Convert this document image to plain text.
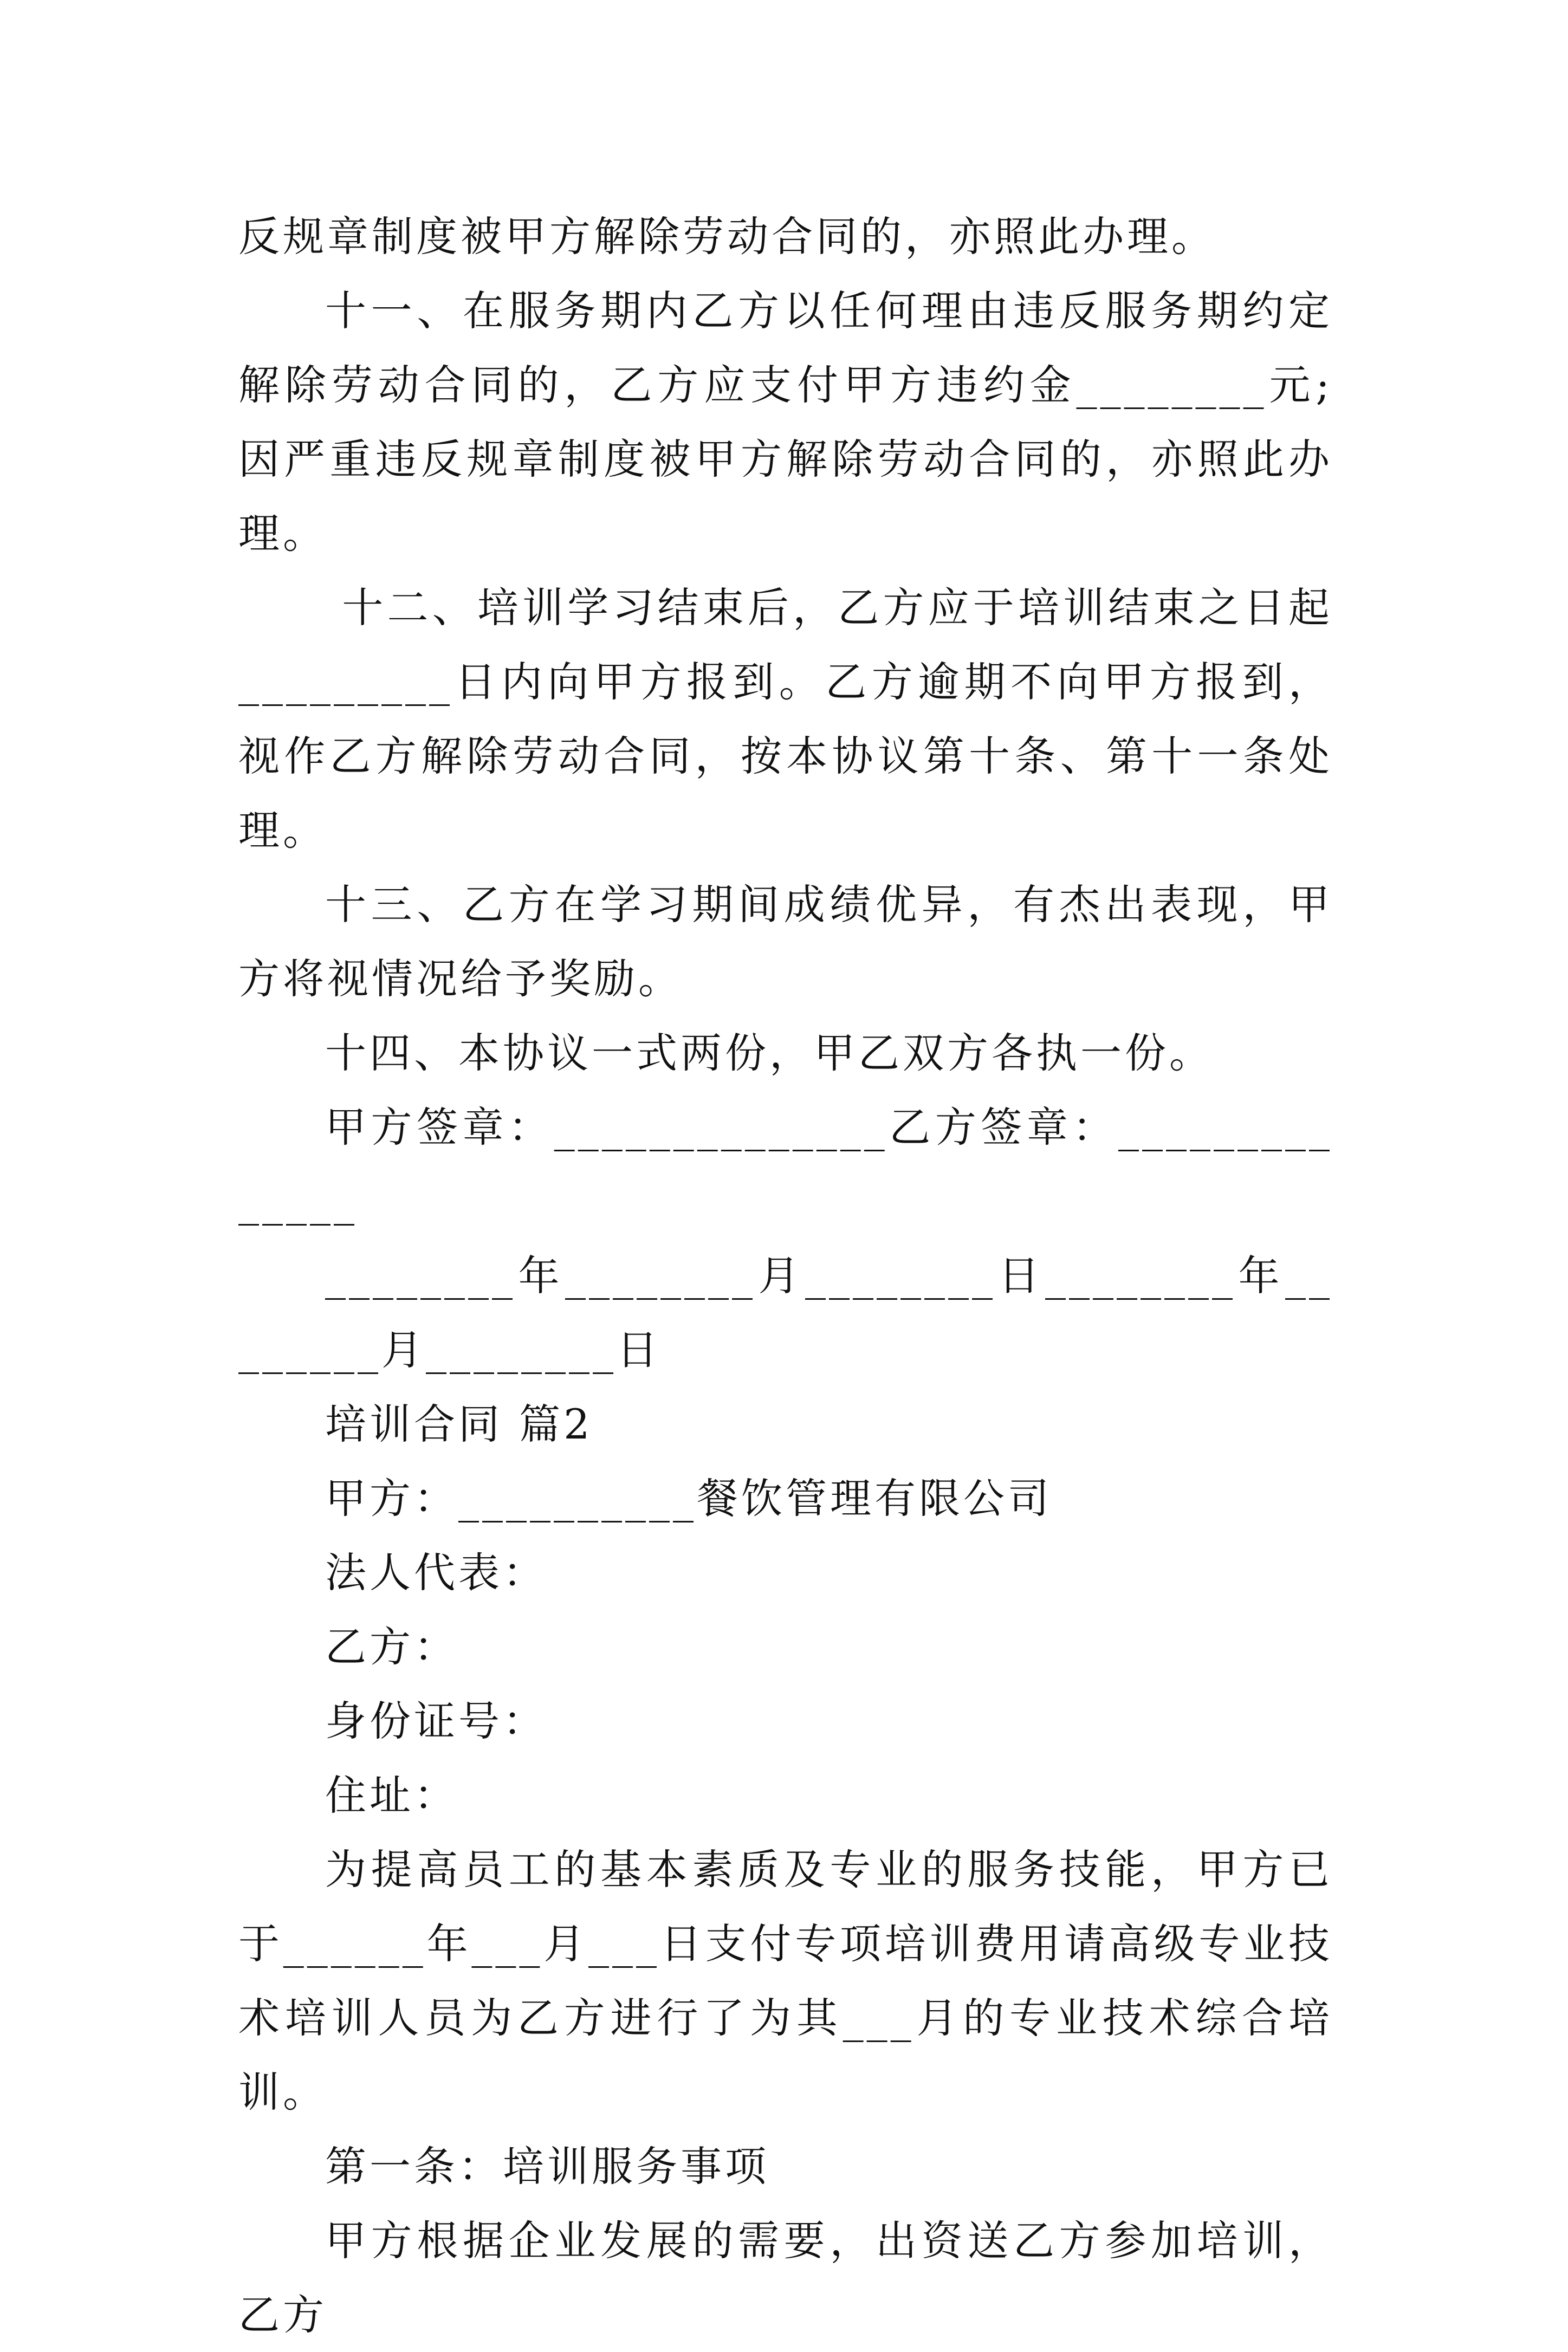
反规章制度被甲方解除劳动合同的，亦照此办理。

十一、在服务期内乙方以任何理由违反服务期约定解除劳动合同的，乙方应支付甲方违约金________元;因严重违反规章制度被甲方解除劳动合同的，亦照此办理。

十二、培训学习结束后，乙方应于培训结束之日起_________日内向甲方报到。乙方逾期不向甲方报到，视作乙方解除劳动合同，按本协议第十条、第十一条处理。

十三、乙方在学习期间成绩优异，有杰出表现，甲方将视情况给予奖励。

十四、本协议一式两份，甲乙双方各执一份。

甲方签章：______________乙方签章：______________

________年________月________日________年________月________日

培训合同 篇2

甲方：__________餐饮管理有限公司

法人代表：

乙方：

身份证号：

住址：

为提高员工的基本素质及专业的服务技能，甲方已于______年___月___日支付专项培训费用请高级专业技术培训人员为乙方进行了为其___月的专业技术综合培训。

第一条：培训服务事项

甲方根据企业发展的需要，出资送乙方参加培训，乙方
